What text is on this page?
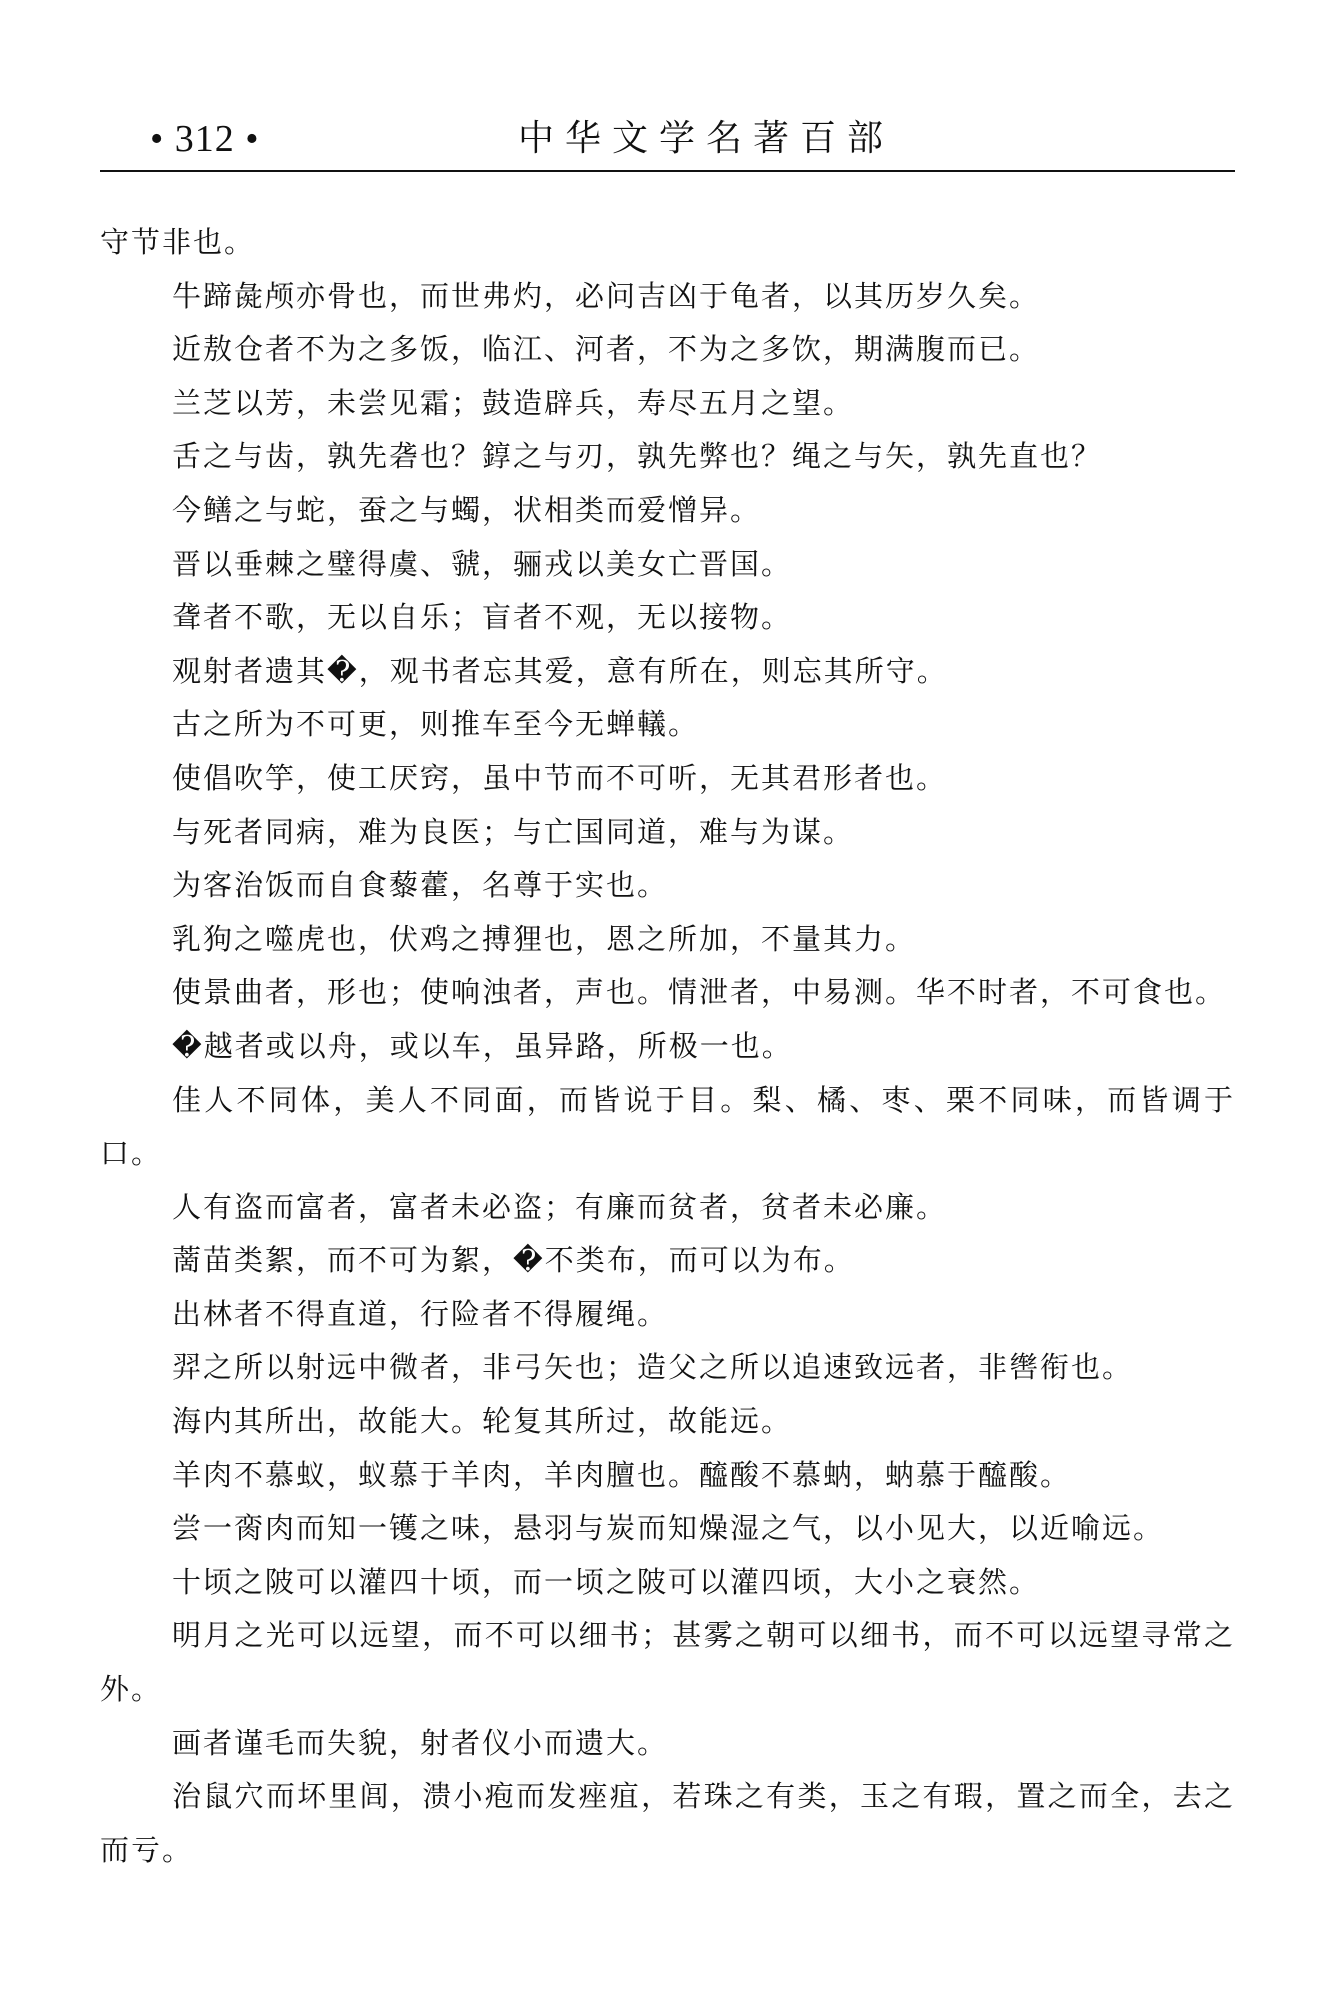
• 312 •	中华文学名著百部

守节非也。

牛蹄彘颅亦骨也，而世弗灼，必问吉凶于龟者，以其历岁久矣。

近敖仓者不为之多饭，临江、河者，不为之多饮，期满腹而已。

兰芝以芳，未尝见霜；鼓造辟兵，寿尽五月之望。

舌之与齿，孰先砻也？錞之与刃，孰先弊也？绳之与矢，孰先直也？

今鳝之与蛇，蚕之与蠋，状相类而爱憎异。

晋以垂棘之璧得虞、虢，骊戎以美女亡晋国。

聋者不歌，无以自乐；盲者不观，无以接物。

观射者遗其�，观书者忘其爱，意有所在，则忘其所守。

古之所为不可更，则推车至今无蝉轙。

使倡吹竽，使工厌窍，虽中节而不可听，无其君形者也。

与死者同病，难为良医；与亡国同道，难与为谋。

为客治饭而自食藜藿，名尊于实也。

乳狗之噬虎也，伏鸡之搏狸也，恩之所加，不量其力。

使景曲者，形也；使响浊者，声也。情泄者，中易测。华不时者，不可食也。

�越者或以舟，或以车，虽异路，所极一也。

佳人不同体，美人不同面，而皆说于目。梨、橘、枣、栗不同味，而皆调于口。

人有盗而富者，富者未必盗；有廉而贫者，贫者未必廉。

蔐苗类絮，而不可为絮，�不类布，而可以为布。

出林者不得直道，行险者不得履绳。

羿之所以射远中微者，非弓矢也；造父之所以追速致远者，非辔衔也。

海内其所出，故能大。轮复其所过，故能远。

羊肉不慕蚁，蚁慕于羊肉，羊肉膻也。醯酸不慕蚋，蚋慕于醯酸。

尝一脔肉而知一镬之味，悬羽与炭而知燥湿之气，以小见大，以近喻远。

十顷之陂可以灌四十顷，而一顷之陂可以灌四顷，大小之衰然。

明月之光可以远望，而不可以细书；甚雾之朝可以细书，而不可以远望寻常之外。

画者谨毛而失貌，射者仪小而遗大。

治鼠穴而坏里闾，溃小疱而发痤疽，若珠之有类，玉之有瑕，置之而全，去之而亏。
